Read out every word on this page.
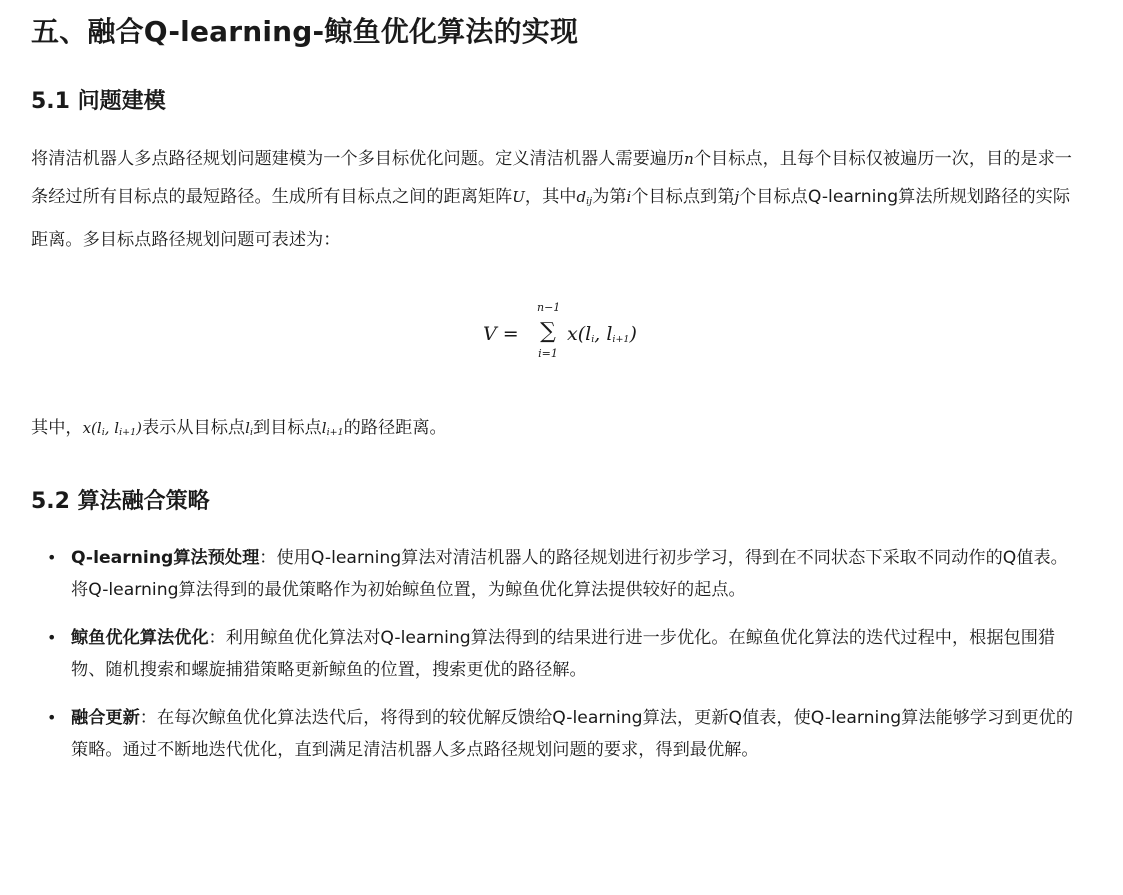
五、融合Q-learning-鲸鱼优化算法的实现
5.1 问题建模

将清洁机器人多点路径规划问题建模为一个多目标优化问题。定义清洁机器人需要遍历n个目标点，且每个目标仅被遍历一次，目的是求一条经过所有目标点的最短路径。生成所有目标点之间的距离矩阵U，其中$d_{ij}$为第i个目标点到第j个目标点Q-learning算法所规划路径的实际距离。多目标点路径规划问题可表述为：

V =
n−1
∑
i=1
$x(l_i$, $l_{i+1}$)

其中，$x(l_i$, $l_{i+1}$)表示从目标点$l_i$到目标点$l_{i+1}$的路径距离。

5.2 算法融合策略
• Q-learning算法预处理：使用Q-learning算法对清洁机器人的路径规划进行初步学习，得到在不同状态下采取不同动作的Q值表。将Q-learning算法得到的最优策略作为初始鲸鱼位置，为鲸鱼优化算法提供较好的起点。
• 鲸鱼优化算法优化：利用鲸鱼优化算法对Q-learning算法得到的结果进行进一步优化。在鲸鱼优化算法的迭代过程中，根据包围猎物、随机搜索和螺旋捕猎策略更新鲸鱼的位置，搜索更优的路径解。
• 融合更新：在每次鲸鱼优化算法迭代后，将得到的较优解反馈给Q-learning算法，更新Q值表，使Q-learning算法能够学习到更优的策略。通过不断地迭代优化，直到满足清洁机器人多点路径规划问题的要求，得到最优解。
